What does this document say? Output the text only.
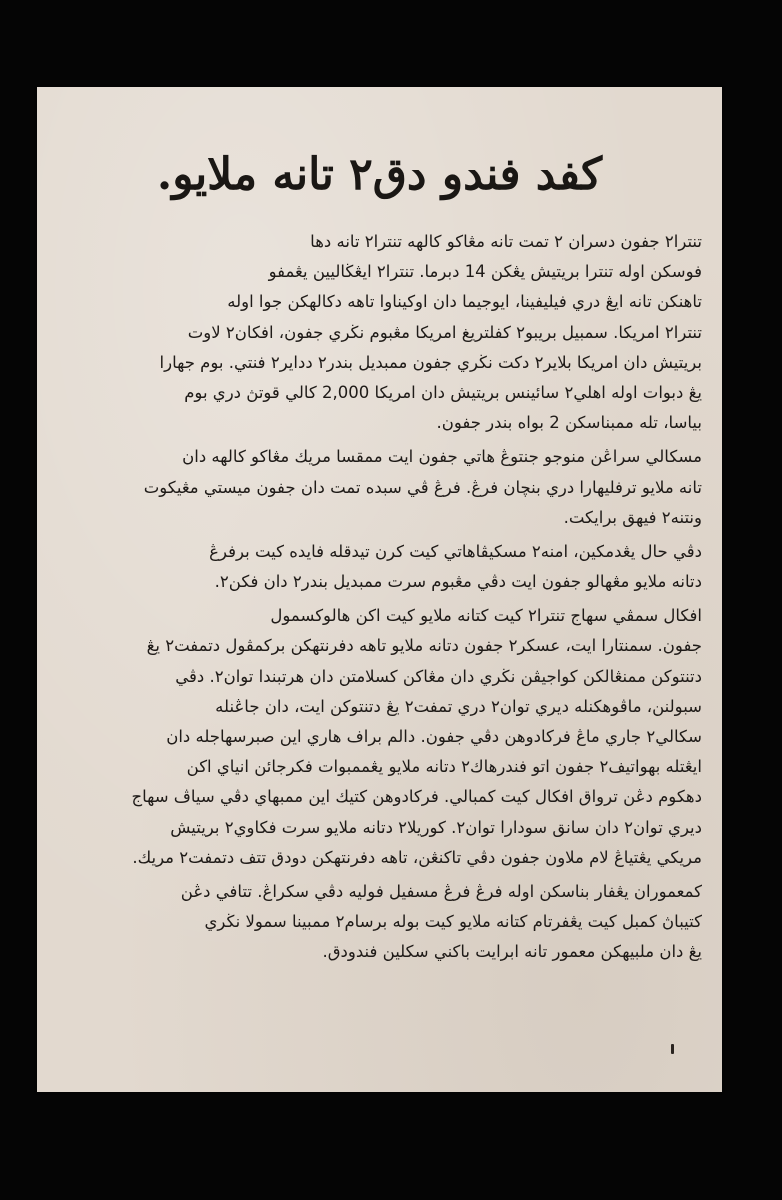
كفد فندو دق٢ تانه ملايو.
تنترا٢ جفون دسران ٢ تمت تانه مڠاكو كالهه تنترا٢ تانه دها
فوسكن اوله تنترا بريتيش يڠكن 14 دبرما. تنترا٢ ايڠڬاليين يڠمفو
تاهنكن تانه ايڠ دري فيليفينا، ايوجيما دان اوكيناوا تاهه دكالهكن جوا اوله
تنترا٢ امريكا. سمبيل بريبو٢ كفلتريغ امريكا مڠبوم نڬري جفون، افكان٢ لاوت
بريتيش دان امريكا بلاير٢ دكت نڬري جفون ممبديل بندر٢ دداير٢ فنتي. بوم جهارا
يڠ دبوات اوله اهلي٢ سائينس بريتيش دان امريكا 2,000 كالي قوتڽ دري بوم
بياسا، تله ممبناسكن 2 بواه بندر جفون.
مسكالي سراڠن منوجو جنتوڠ هاتي جفون ايت ممقسا مريك مڠاكو كالهه دان
تانه ملايو ترفليهارا دري بنچان فرڠ. فرڠ ڤي سبده تمت دان جفون ميستي مڠيكوت
ونتنه٢ فيهق برايكت.
دڤي حال يڠدمكين، امنه٢ مسكيڤاهاتي كيت كرن تيدقله فايده كيت برفرڠ
دتانه ملايو مڠهالو جفون ايت دڤي مڠبوم سرت ممبديل بندر٢ دان فكن٢.
افكال سمڤي سهاج تنترا٢ كيت كتانه ملايو كيت اكن هالوكسمول
جفون. سمنتارا ايت، عسكر٢ جفون دتانه ملايو تاهه دفرنتهكن بركمڤول دتمفت٢ يڠ
دتنتوكن ممنڠالكن كواجيڤن نڬري دان مڠاكن كسلامتن دان هرتبندا توان٢. دڤي
سبولنن، ماڤوهكنله ديري توان٢ دري تمفت٢ يڠ دتنتوكن ايت، دان جاڠنله
سكالي٢ جاري ماڠ فركادوهن دڤي جفون. دالم براف هاري اين صبرسهاجله دان
ايڠتله بهواتيف٢ جفون اتو فندرهاك٢ دتانه ملايو يڠممبوات فكرجائن انياي اكن
دهكوم دڠن ترواق افكال كيت كمبالي. فركادوهن كتيك اين ممبهاي دڤي سياڤ سهاج
ديري توان٢ دان سانق سودارا توان٢. كوريلا٢ دتانه ملايو سرت فكاوي٢ بريتيش
مريكي يڠتياڠ لام ملاون جفون دڤي تاكنڠن، تاهه دفرنتهكن دودق تتف دتمفت٢ مريك.
كمعموران يڠفار بناسكن اوله فرڠ فرڠ مسفيل فوليه دڤي سكراڠ. تتافي دڠن
كتيباڽ كمبل كيت يڠفرتام كتانه ملايو كيت بوله برسام٢ ممبينا سمولا نڬري
يڠ دان ملبيهكن معمور تانه ابرايت باكني سكلين فندودق.
